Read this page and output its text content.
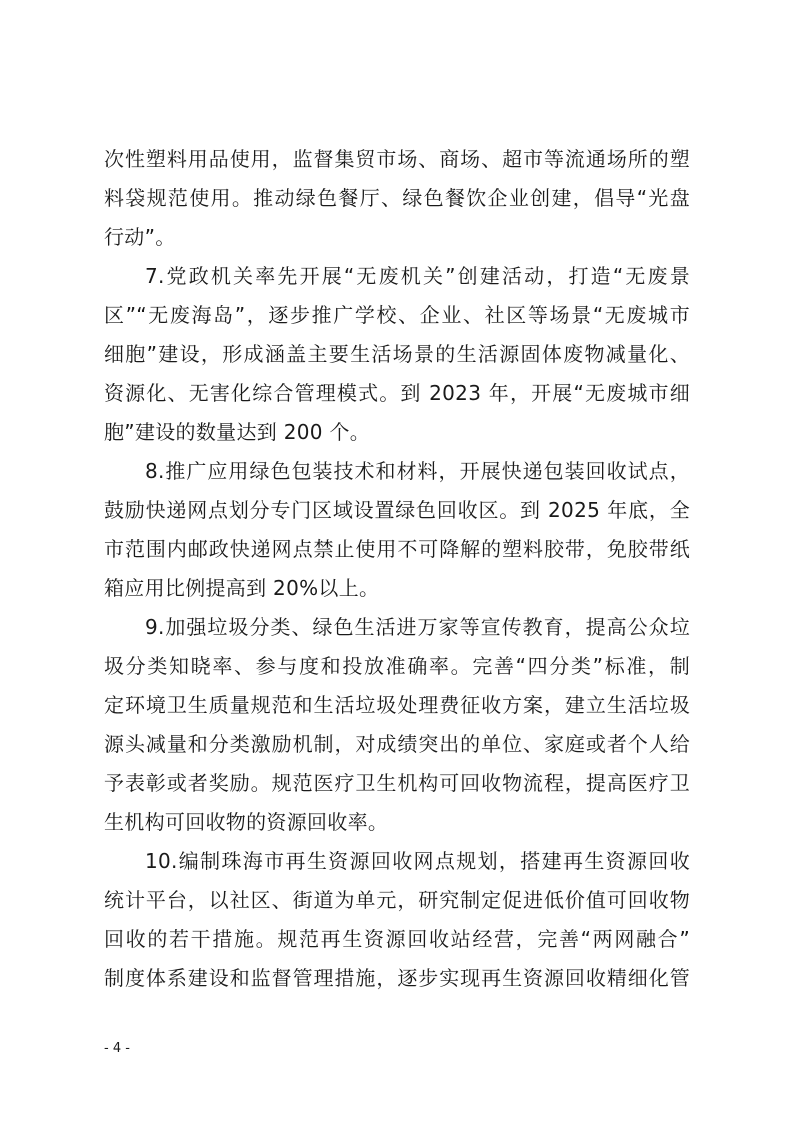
次性塑料用品使用，监督集贸市场、商场、超市等流通场所的塑
料袋规范使用。推动绿色餐厅、绿色餐饮企业创建，倡导“光盘
行动”。
7.党政机关率先开展“无废机关”创建活动，打造“无废景
区”“无废海岛”，逐步推广学校、企业、社区等场景“无废城市
细胞”建设，形成涵盖主要生活场景的生活源固体废物减量化、
资源化、无害化综合管理模式。到 2023 年，开展“无废城市细
胞”建设的数量达到 200 个。
8.推广应用绿色包装技术和材料，开展快递包装回收试点，
鼓励快递网点划分专门区域设置绿色回收区。到 2025 年底，全
市范围内邮政快递网点禁止使用不可降解的塑料胶带，免胶带纸
箱应用比例提高到 20%以上。
9.加强垃圾分类、绿色生活进万家等宣传教育，提高公众垃
圾分类知晓率、参与度和投放准确率。完善“四分类”标准，制
定环境卫生质量规范和生活垃圾处理费征收方案，建立生活垃圾
源头减量和分类激励机制，对成绩突出的单位、家庭或者个人给
予表彰或者奖励。规范医疗卫生机构可回收物流程，提高医疗卫
生机构可回收物的资源回收率。
10.编制珠海市再生资源回收网点规划，搭建再生资源回收
统计平台，以社区、街道为单元，研究制定促进低价值可回收物
回收的若干措施。规范再生资源回收站经营，完善“两网融合”
制度体系建设和监督管理措施，逐步实现再生资源回收精细化管
- 4 -
